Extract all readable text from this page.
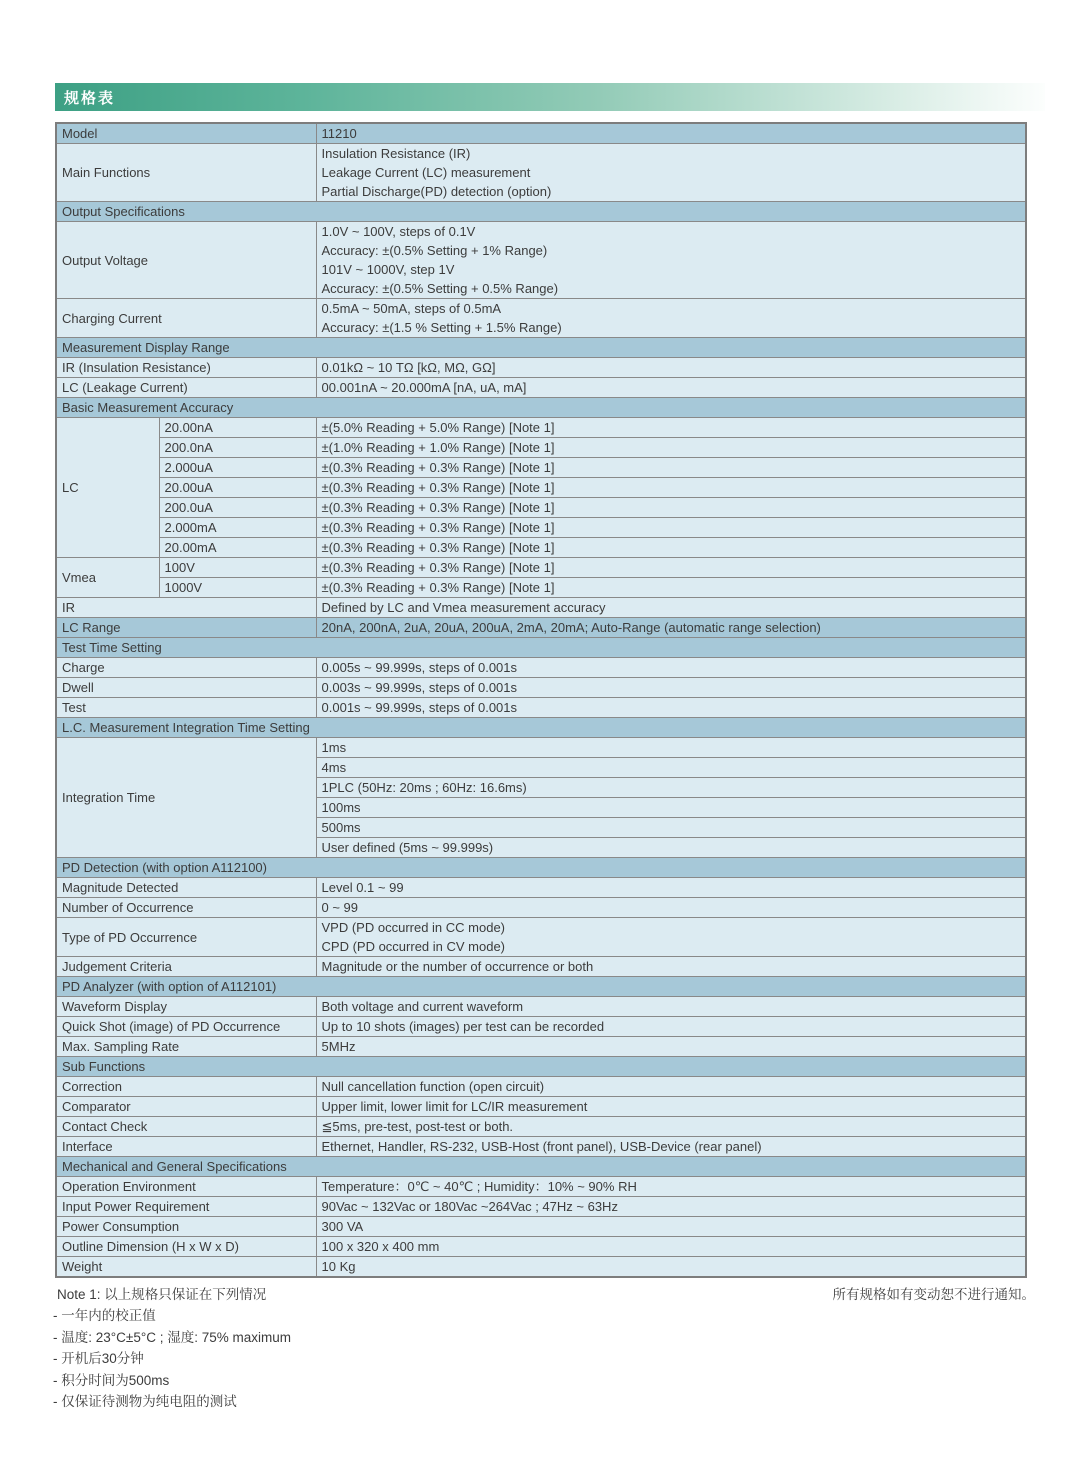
规格表
Model		11210
Main Functions		Insulation Resistance (IR)
Leakage Current (LC) measurement
Partial Discharge(PD) detection (option)

Output Specifications		
Output Voltage		1.0V ~ 100V, steps of 0.1V
Accuracy: ±(0.5% Setting + 1% Range)
101V ~ 1000V, step 1V
Accuracy: ±(0.5% Setting + 0.5% Range)

Charging Current		0.5mA ~ 50mA, steps of 0.5mA
Accuracy: ±(1.5 % Setting + 1.5% Range)

Measurement Display Range		
IR (Insulation Resistance)		0.01kΩ ~ 10 TΩ [kΩ, MΩ, GΩ]
LC (Leakage Current)		00.001nA ~ 20.000mA [nA, uA, mA]
Basic Measurement Accuracy		
LC	20.00nA	±(5.0% Reading + 5.0% Range) [Note 1]
	200.0nA	±(1.0% Reading + 1.0% Range) [Note 1]
	2.000uA	±(0.3% Reading + 0.3% Range) [Note 1]
	20.00uA	±(0.3% Reading + 0.3% Range) [Note 1]
	200.0uA	±(0.3% Reading + 0.3% Range) [Note 1]
	2.000mA	±(0.3% Reading + 0.3% Range) [Note 1]
	20.00mA	±(0.3% Reading + 0.3% Range) [Note 1]
Vmea	100V	±(0.3% Reading + 0.3% Range) [Note 1]
	1000V	±(0.3% Reading + 0.3% Range) [Note 1]
IR		Defined by LC and Vmea measurement accuracy
LC Range		20nA, 200nA, 2uA, 20uA, 200uA, 2mA, 20mA; Auto-Range (automatic range selection)
Test Time Setting		
Charge		0.005s ~ 99.999s, steps of 0.001s
Dwell		0.003s ~ 99.999s, steps of 0.001s
Test		0.001s ~ 99.999s, steps of 0.001s
L.C. Measurement Integration Time Setting		
Integration Time		1ms
		4ms
		1PLC (50Hz: 20ms ; 60Hz: 16.6ms)
		100ms
		500ms
		User defined (5ms ~ 99.999s)
PD Detection (with option A112100)		
Magnitude Detected		Level 0.1 ~ 99
Number of Occurrence		0 ~ 99
Type of PD Occurrence		VPD (PD occurred in CC mode)
CPD (PD occurred in CV mode)

Judgement Criteria		Magnitude or the number of occurrence or both
PD Analyzer (with option of A112101)		
Waveform Display		Both voltage and current waveform
Quick Shot (image) of PD Occurrence		Up to 10 shots (images) per test can be recorded
Max. Sampling Rate		5MHz
Sub Functions		
Correction		Null cancellation function (open circuit)
Comparator		Upper limit, lower limit for LC/IR measurement
Contact Check		≦5ms, pre-test, post-test or both.
Interface		Ethernet, Handler, RS-232, USB-Host (front panel), USB-Device (rear panel)
Mechanical and General Specifications		
Operation Environment		Temperature：0℃ ~ 40℃ ; Humidity：10% ~ 90% RH
Input Power Requirement		90Vac ~ 132Vac or 180Vac ~264Vac ; 47Hz ~ 63Hz
Power Consumption		300 VA
Outline Dimension (H x W x D)		100 x 320 x 400 mm
Weight		10 Kg
Note 1: 以上规格只保证在下列情况	所有规格如有变动恕不进行通知。
- 一年内的校正值
- 温度: 23°C±5°C ; 湿度: 75% maximum
- 开机后30分钟
- 积分时间为500ms
- 仅保证待测物为纯电阻的测试
